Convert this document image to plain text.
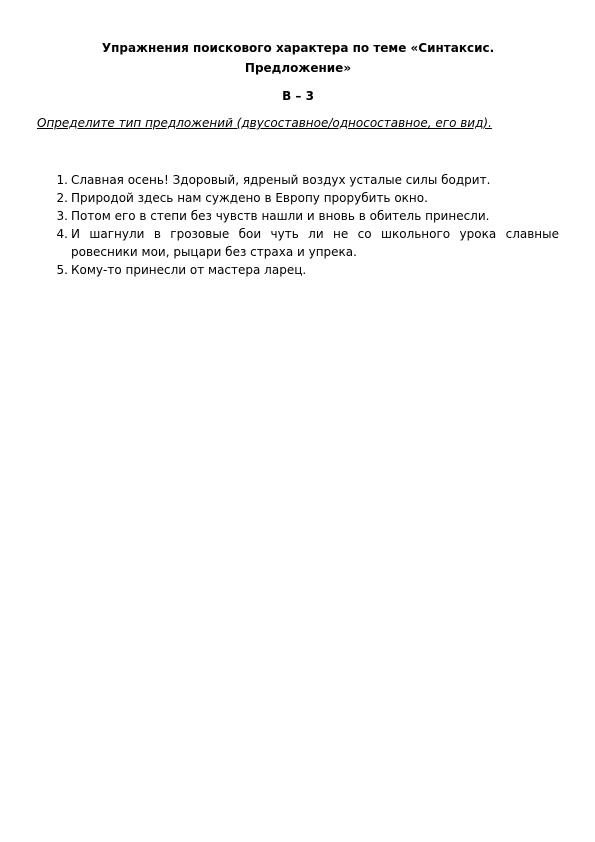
Упражнения поискового характера по теме «Синтаксис.
Предложение»

В – 3

Определите тип предложений (двусоставное/односоставное, его вид).

1. Славная осень! Здоровый, ядреный воздух усталые силы бодрит.
2. Природой здесь нам суждено в Европу прорубить окно.
3. Потом его в степи без чувств нашли и вновь в обитель принесли.
4. И шагнули в грозовые бои чуть ли не со школьного урока славные ровесники мои, рыцари без страха и упрека.
5. Кому-то принесли от мастера ларец.
